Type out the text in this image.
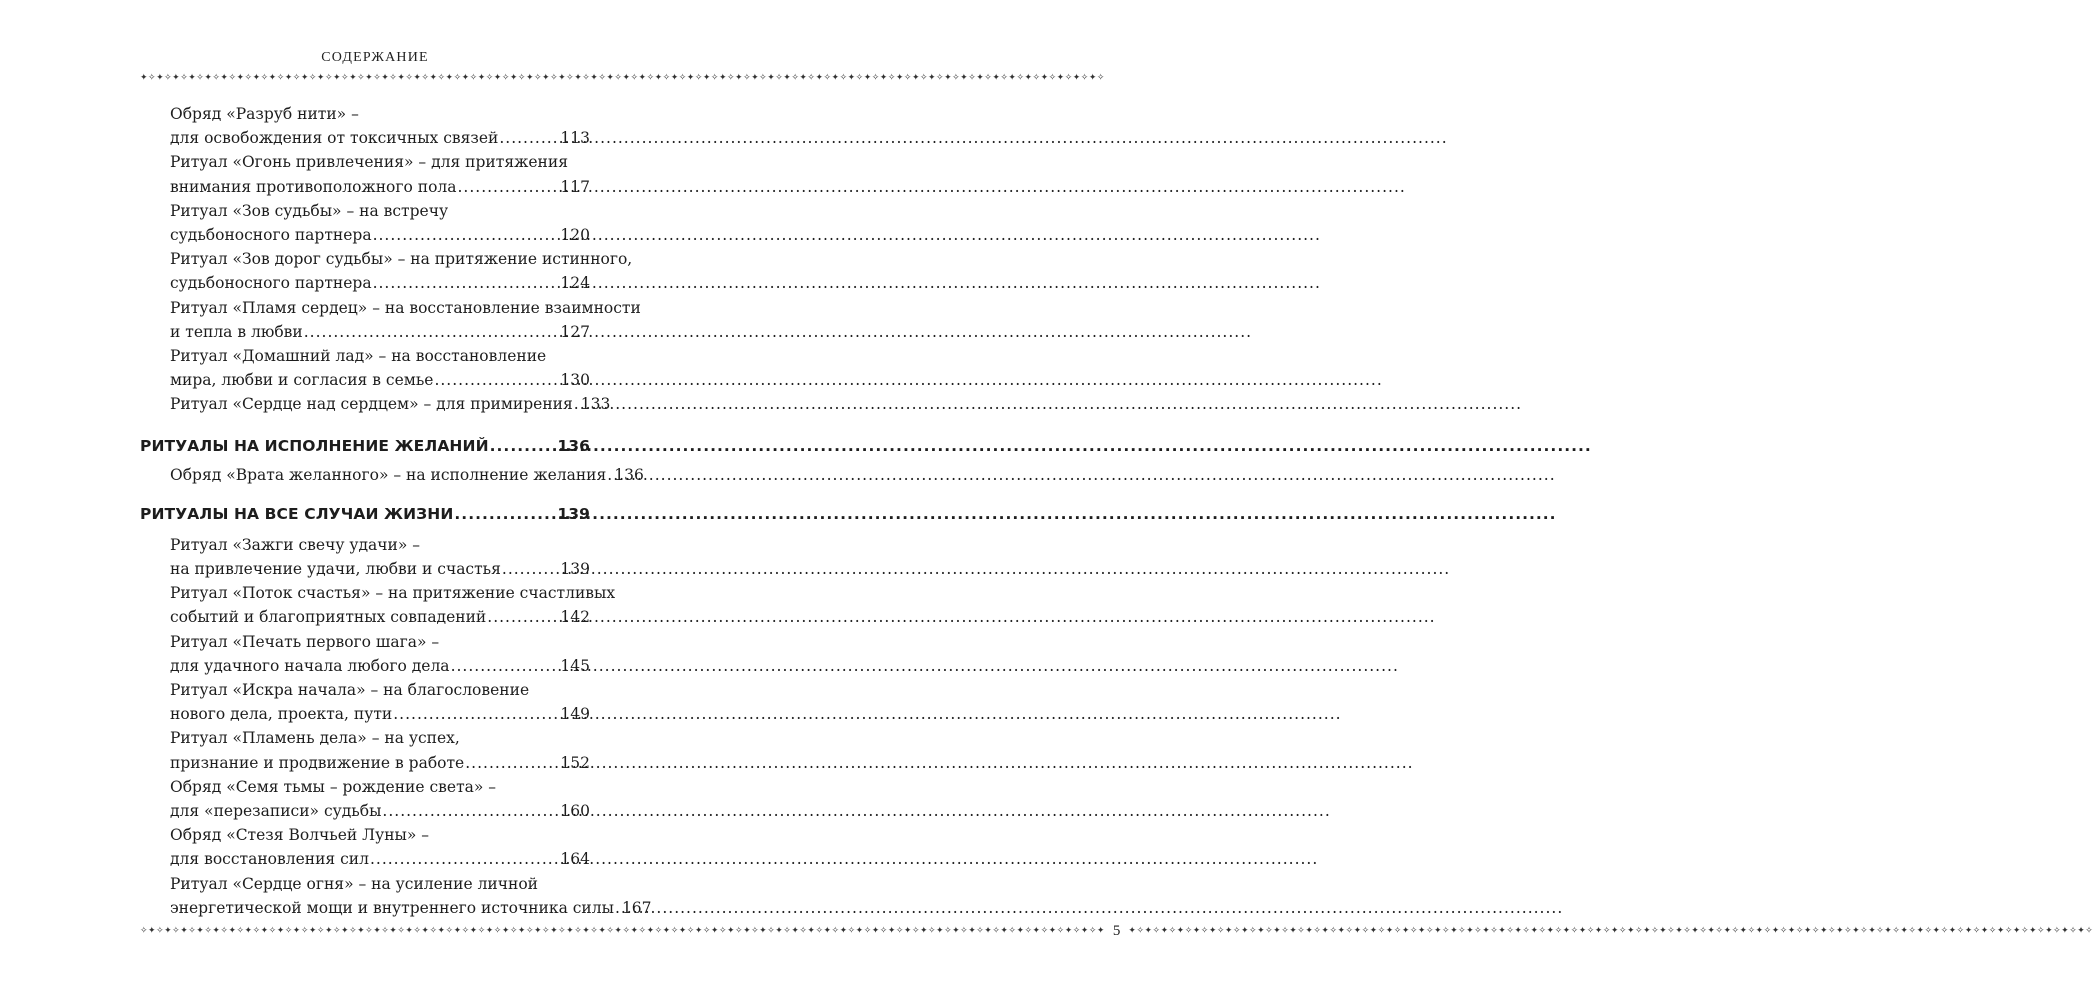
СОДЕРЖАНИЕ
✦✧✦✧✦✧✦✧✦✧✦✧✦✧✦✧✦✧✦✧✦✧✦✧✦✧✦✧✦✧✦✧✦✧✦✧✦✧✦✧✦✧✦✧✦✧✦✧✦✧✦✧✦✧✦✧✦✧✦✧✦✧✦✧✦✧✦✧✦✧✦✧✦✧✦✧✦✧✦✧✦✧✦✧✦✧✦✧✦✧✦✧✦✧✦✧✦✧✦✧✦✧✦✧✦✧✦✧✦✧✦✧✦✧✦✧✦✧✦✧
Обряд «Разруб нити» –
для освобождения от токсичных связей .....	113
Ритуал «Огонь привлечения» – для притяжения
внимания противоположного пола .....	117
Ритуал «Зов судьбы» – на встречу
судьбоносного партнера .....	120
Ритуал «Зов дорог судьбы» – на притяжение истинного,
судьбоносного партнера .....	124
Ритуал «Пламя сердец» – на восстановление взаимности
и тепла в любви .....	127
Ритуал «Домашний лад» – на восстановление
мира, любви и согласия в семье .....	130
Ритуал «Сердце над сердцем» – для примирения ..... 133
РИТУАЛЫ НА ИСПОЛНЕНИЕ ЖЕЛАНИЙ .....	136
Обряд «Врата желанного» – на исполнение желания ..... 136
РИТУАЛЫ НА ВСЕ СЛУЧАИ ЖИЗНИ .....	139
Ритуал «Зажги свечу удачи» –
на привлечение удачи, любви и счастья .....	139
Ритуал «Поток счастья» – на притяжение счастливых
событий и благоприятных совпадений .....	142
Ритуал «Печать первого шага» –
для удачного начала любого дела .....	145
Ритуал «Искра начала» – на благословение
нового дела, проекта, пути .....	149
Ритуал «Пламень дела» – на успех,
признание и продвижение в работе .....	152
Обряд «Семя тьмы – рождение света» –
для «перезаписи» судьбы .....	160
Обряд «Стезя Волчьей Луны» –
для восстановления сил .....	164
Ритуал «Сердце огня» – на усиление личной
энергетической мощи и внутреннего источника силы ..... 167
✦✧✦✧✦✧✦✧✦✧✦✧✦✧✦✧✦✧✦✧✦✧✦✧✦✧✦✧✦✧✦✧✦✧✦✧✦✧✦✧✦✧✦✧✦✧✦✧✦✧✦✧✦✧✦✧✦✧✦✧✦✧✦✧✦✧✦✧✦✧✦✧✦✧✦✧✦✧✦✧✦✧✦✧✦✧✦✧✦✧✦✧✦✧✦✧✦✧✦✧✦✧✦✧✦✧✦✧✦✧✦✧✦✧✦✧✦✧✦✧ 5 ✦✧✦✧✦✧✦✧✦✧✦✧✦✧✦✧✦✧✦✧✦✧✦✧✦✧✦✧✦✧✦✧✦✧✦✧✦✧✦✧✦✧✦✧✦✧✦✧✦✧✦✧✦✧✦✧✦✧✦✧✦✧✦✧✦✧✦✧✦✧✦✧✦✧✦✧✦✧✦✧✦✧✦✧✦✧✦✧✦✧✦✧✦✧✦✧✦✧✦✧✦✧✦✧✦✧✦✧✦✧✦✧✦✧✦✧✦✧✦✧
